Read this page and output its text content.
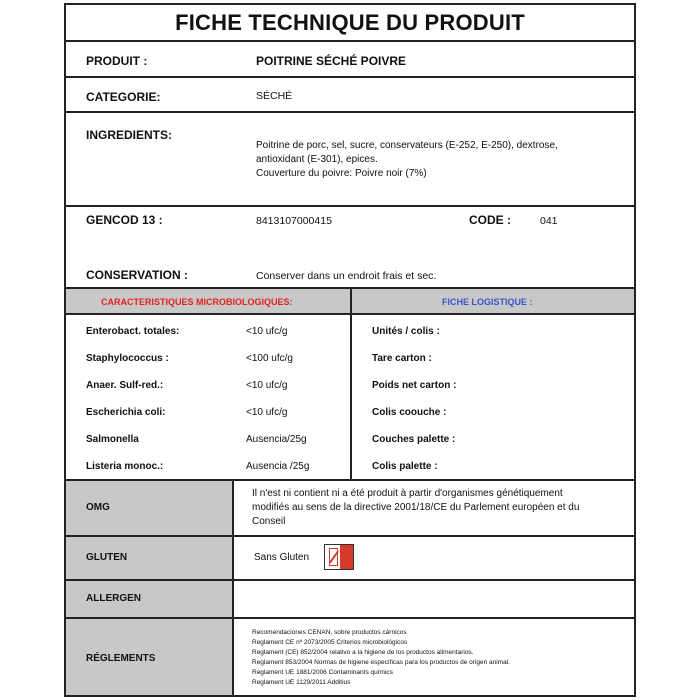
FICHE TECHNIQUE DU PRODUIT
PRODUIT :	POITRINE SÉCHÉ POIVRE
CATEGORIE:	SÉCHÉ
INGREDIENTS:
Poitrine de porc, sel, sucre, conservateurs (E-252, E-250), dextrose,
antioxidant (E-301), epices.
Couverture du poivre: Poivre noir (7%)
GENCOD 13 :	8413107000415	CODE :	041
CONSERVATION :	Conserver dans un endroit frais et sec.
CARACTERISTIQUES MICROBIOLOGIQUES:	FICHE LOGISTIQUE :
Enterobact. totales:	<10 ufc/g
Staphylococcus :	<100 ufc/g
Anaer. Sulf-red.:	<10 ufc/g
Escherichia coli:	<10 ufc/g
Salmonella	Ausencia/25g
Listeria monoc.:	Ausencia /25g
Unités / colis :
Tare carton :
Poids net carton :
Colis coouche :
Couches palette :
Colis palette :
OMG
Il n'est ni contient ni a été produit à partir d'organismes génétiquement
modifiés au sens de la directive 2001/18/CE du Parlement européen et du
Conseil
GLUTEN	Sans Gluten
ALLERGEN
RÉGLEMENTS
Recomendaciones CENAN, sobre productos cárnicos
Reglament CE nº 2073/2005 Criterios microbiológicos
Reglament (CE) 852/2004 relativo a la higiene de los productos alimentarios.
Reglament 853/2004 Normas de higiene específicas para los productos de origen animal.
Reglament UE 1881/2006 Contaminants químics
Reglament UE 1129/2011 Additius
